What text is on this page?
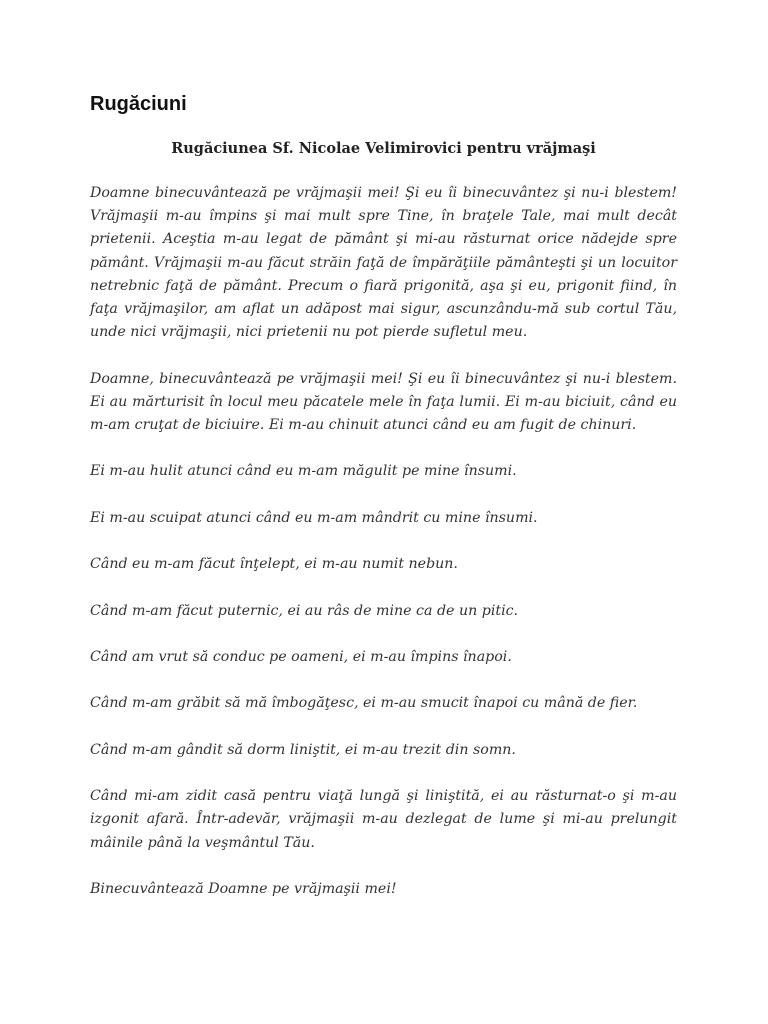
Rugăciuni
Rugăciunea Sf. Nicolae Velimirovici pentru vrăjmaşi

Doamne binecuvântează pe vrăjmaşii mei! Şi eu îi binecuvântez şi nu-i blestem! Vrăjmaşii m-au împins şi mai mult spre Tine, în braţele Tale, mai mult decât prietenii. Aceştia m-au legat de pământ şi mi-au răsturnat orice nădejde spre pământ. Vrăjmaşii m-au făcut străin faţă de împărăţiile pământeşti şi un locuitor netrebnic faţă de pământ. Precum o fiară prigonită, aşa şi eu, prigonit fiind, în faţa vrăjmaşilor, am aflat un adăpost mai sigur, ascunzându-mă sub cortul Tău, unde nici vrăjmaşii, nici prietenii nu pot pierde sufletul meu.

Doamne, binecuvântează pe vrăjmaşii mei! Şi eu îi binecuvântez şi nu-i blestem. Ei au mărturisit în locul meu păcatele mele în faţa lumii. Ei m-au biciuit, când eu m-am cruţat de biciuire. Ei m-au chinuit atunci când eu am fugit de chinuri.

Ei m-au hulit atunci când eu m-am măgulit pe mine însumi.

Ei m-au scuipat atunci când eu m-am mândrit cu mine însumi.

Când eu m-am făcut înţelept, ei m-au numit nebun.

Când m-am făcut puternic, ei au râs de mine ca de un pitic.

Când am vrut să conduc pe oameni, ei m-au împins înapoi.

Când m-am grăbit să mă îmbogăţesc, ei m-au smucit înapoi cu mână de fier.

Când m-am gândit să dorm liniştit, ei m-au trezit din somn.

Când mi-am zidit casă pentru viaţă lungă şi liniştită, ei au răsturnat-o şi m-au izgonit afară. Într-adevăr, vrăjmaşii m-au dezlegat de lume şi mi-au prelungit mâinile până la veşmântul Tău.

Binecuvântează Doamne pe vrăjmaşii mei!
